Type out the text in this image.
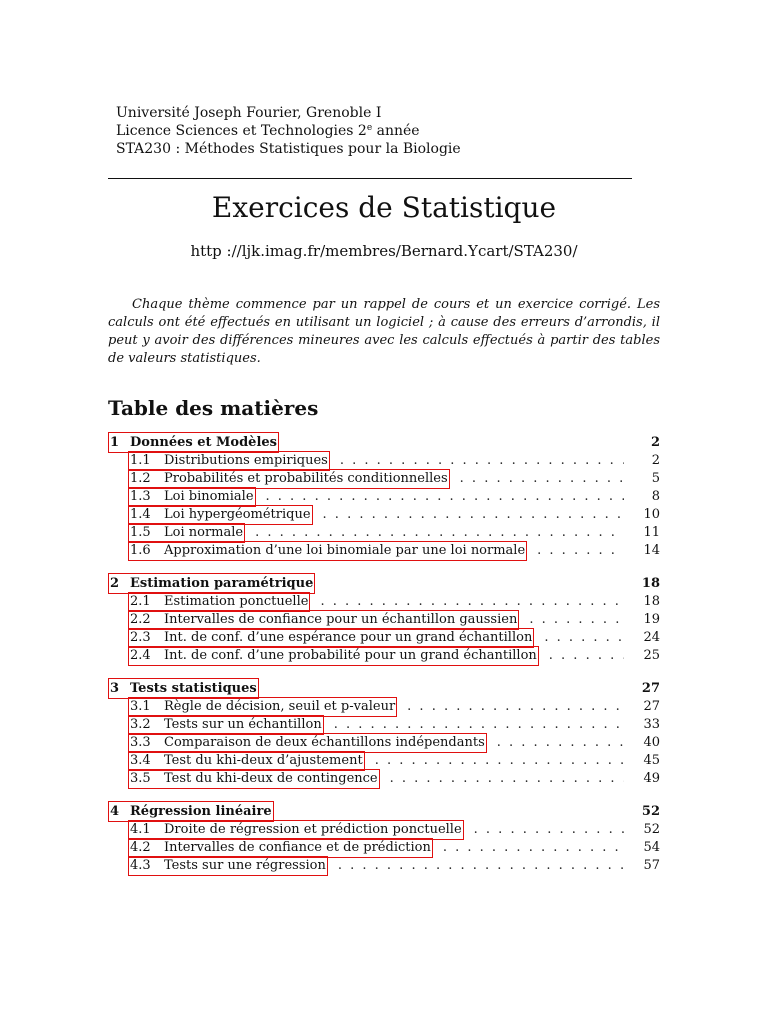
Université Joseph Fourier, Grenoble I
Licence Sciences et Technologies 2e année
STA230 : Méthodes Statistiques pour la Biologie
Exercices de Statistique
http ://ljk.imag.fr/membres/Bernard.Ycart/STA230/
Chaque thème commence par un rappel de cours et un exercice corrigé. Les calculs ont été effectués en utilisant un logiciel ; à cause des erreurs d’arrondis, il peut y avoir des différences mineures avec les calculs effectués à partir des tables de valeurs statistiques.
Table des matières
1 Données et Modèles	2
1.1	Distributions empiriques . . .	2
1.2	Probabilités et probabilités conditionnelles . . .	5
1.3	Loi binomiale . . .	8
1.4	Loi hypergéométrique . . .	10
1.5	Loi normale . . .	11
1.6	Approximation d’une loi binomiale par une loi normale . . .	14
2 Estimation paramétrique	18
2.1	Estimation ponctuelle . . .	18
2.2	Intervalles de confiance pour un échantillon gaussien . . .	19
2.3	Int. de conf. d’une espérance pour un grand échantillon . . .	24
2.4	Int. de conf. d’une probabilité pour un grand échantillon . . .	25
3 Tests statistiques	27
3.1	Règle de décision, seuil et p-valeur . . .	27
3.2	Tests sur un échantillon . . .	33
3.3	Comparaison de deux échantillons indépendants . . .	40
3.4	Test du khi-deux d’ajustement . . .	45
3.5	Test du khi-deux de contingence . . .	49
4 Régression linéaire	52
4.1	Droite de régression et prédiction ponctuelle . . .	52
4.2	Intervalles de confiance et de prédiction . . .	54
4.3	Tests sur une régression . . .	57
